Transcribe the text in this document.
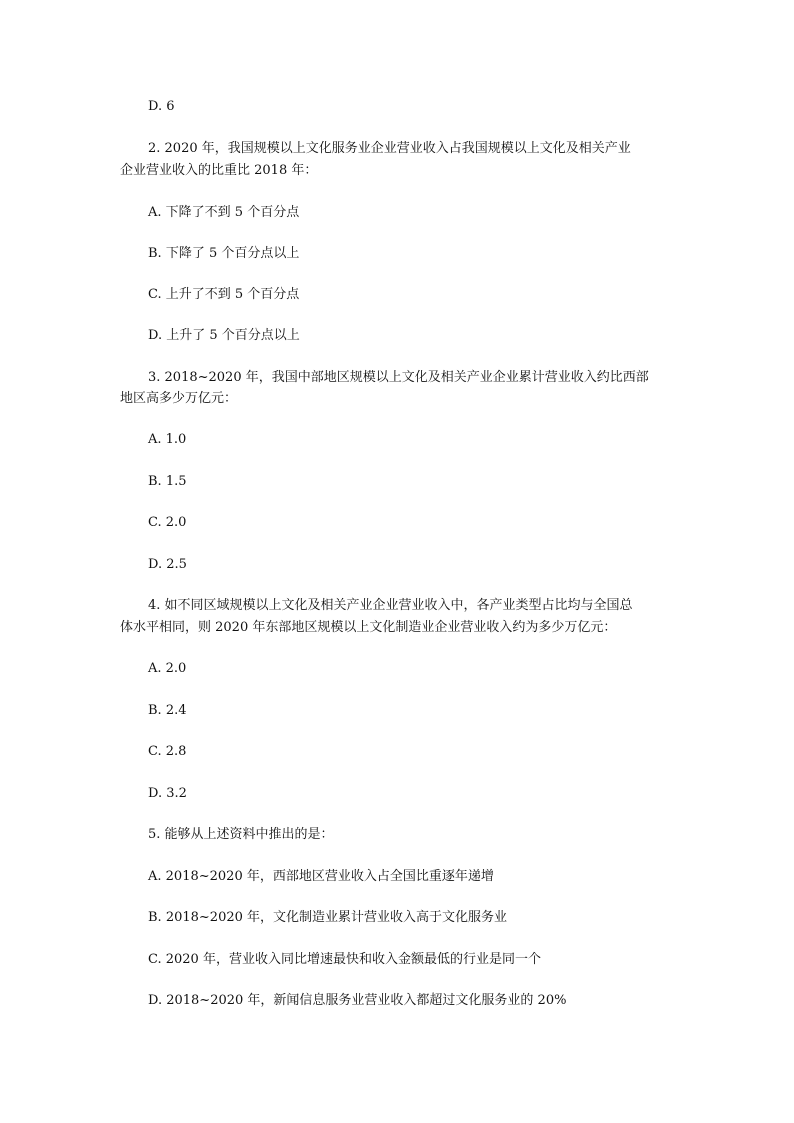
D. 6
2. 2020 年，我国规模以上文化服务业企业营业收入占我国规模以上文化及相关产业
企业营业收入的比重比 2018 年：
A. 下降了不到 5 个百分点
B. 下降了 5 个百分点以上
C. 上升了不到 5 个百分点
D. 上升了 5 个百分点以上
3. 2018~2020 年，我国中部地区规模以上文化及相关产业企业累计营业收入约比西部
地区高多少万亿元：
A. 1.0
B. 1.5
C. 2.0
D. 2.5
4. 如不同区域规模以上文化及相关产业企业营业收入中，各产业类型占比均与全国总
体水平相同，则 2020 年东部地区规模以上文化制造业企业营业收入约为多少万亿元：
A. 2.0
B. 2.4
C. 2.8
D. 3.2
5. 能够从上述资料中推出的是：
A. 2018~2020 年，西部地区营业收入占全国比重逐年递增
B. 2018~2020 年，文化制造业累计营业收入高于文化服务业
C. 2020 年，营业收入同比增速最快和收入金额最低的行业是同一个
D. 2018~2020 年，新闻信息服务业营业收入都超过文化服务业的 20%
